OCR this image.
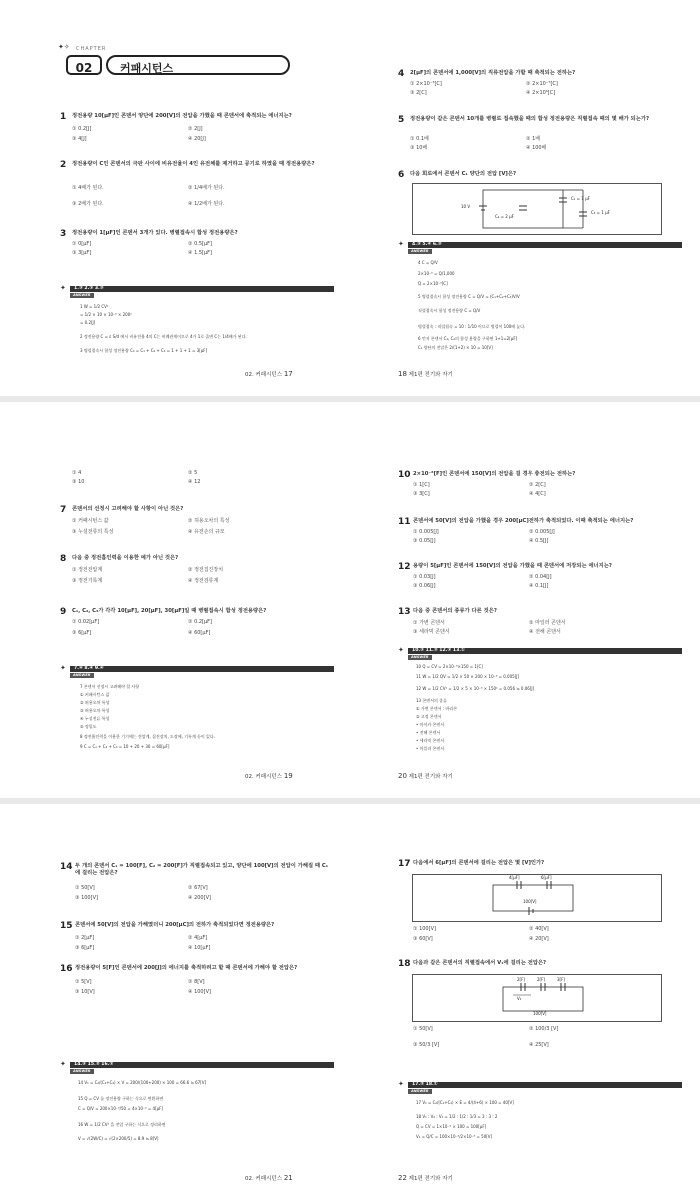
✦✧ CHAPTER
02	커패시턴스
1 정전용량 10[μF]인 콘덴서 양단에 200[V]의 전압을 가했을 때 콘덴서에 축적되는 에너지는?
① 0.2[J]	② 2[J]
③ 4[J]	④ 20[J]
2 정전용량이 C인 콘덴서의 극판 사이에 비유전율이 4인 유전체를 제거하고 공기로 하였을 때 정전용량은?
① 4배가 된다.	② 1/4배가 된다.
③ 2배가 된다.	④ 1/2배가 된다.
3 정전용량이 1[μF]인 콘덴서 3개가 있다. 병렬접속시 합성 정전용량은?
① 0[μF]	② 0.5[μF]
③ 3[μF]	④ 1.5[μF]
✦	1.③ 2.③ 3.③
ANSWER
1 W = 1/2 CV²
= 1/2 × 10 × 10⁻⁶ × 200²
= 0.2[J]
2 정전용량 C = ε S/d 에서 비유전율 4의 C는 비례관계이므로 4가 1로 줄면 C는 1/4배가 된다.
3 병렬접속시 합성 정전용량 C₀ = C₁ + C₂ + C₃ = 1 + 1 + 1 = 3[μF]
02. 커패시턴스 17
4 2[μF]의 콘덴서에 1,000[V]의 직류전압을 가할 때 축적되는 전하는?
① 2×10⁻³[C]	② 2×10⁻⁵[C]
③ 2[C]	④ 2×10⁶[C]
5 정전용량이 같은 콘덴서 10개를 병렬로 접속했을 때의 합성 정전용량은 직렬접속 때의 몇 배가 되는가?
① 0.1배	② 1배
③ 10배	④ 100배
6 다음 회로에서 콘덴서 C₁ 양단의 전압 [V]은?
10 V
C₂ = 2 μF
C₁ = 1 μF
C₃ = 1 μF
✦	4.③ 5.④ 6.③
ANSWER
4 C = Q/V
2×10⁻⁶ = Q/1,000
Q = 2×10⁻³[C]
5 병렬접속시 합성 정전용량 C = Q/V = (C₁+C₂+C₃)V/V
직렬접속시 합성 정전용량 C = Q/V
병렬접속 : 직렬접속 = 10 : 1/10 이므로 병렬이 100배 높다.
6 먼저 콘덴서 C₁, C₂의 합성 용량을 구하면 1+1=2[μF]
C₁ 양단의 전압은 2/(1+2) × 10 = 10[V]
18 제1편 전기와 자기
① 4	② 5
③ 10	④ 12
7 콘덴서의 선정시 고려해야 할 사항이 아닌 것은?
① 커패시턴스 값	② 허용오차의 특성
③ 누설전류의 특성	④ 유전손의 규모
8 다음 중 정전흡인력을 이용한 예가 아닌 것은?
① 정전전압계	② 정전집진장치
③ 정전기록계	④ 정전검류계
9 C₁, C₂, C₃가 각각 10[μF], 20[μF], 30[μF]일 때 병렬접속시 합성 정전용량은?
① 0.02[μF]	② 0.2[μF]
③ 6[μF]	④ 60[μF]
✦	7.④ 8.④ 9.④
ANSWER
7 콘덴서 선정시 고려해야 할 사항
① 커패시턴스 값
② 허용오차 특성
③ 허용오차 특성
④ 누설전류 특성
⑤ 정밀도
8 정전흡인력을 이용한 기기에는 전압계, 집진장치, 도장에, 기록계 등이 있다.
9 C = C₁ + C₂ + C₃ = 10 + 20 + 30 = 60[μF]
02. 커패시턴스 19
10 2×10⁻⁶[F]인 콘덴서에 150[V]의 전압을 걸 경우 충전되는 전하는?
① 1[C]	② 2[C]
③ 3[C]	④ 4[C]
11 콘덴서에 50[V]의 전압을 가했을 경우 200[μC]전하가 축적되었다. 이때 축적되는 에너지는?
① 0.005[J]	② 0.005[J]
③ 0.05[J]	④ 0.5[J]
12 용량이 5[μF]인 콘덴서에 150[V]의 전압을 가했을 때 콘덴서에 저장되는 에너지는?
① 0.03[J]	② 0.04[J]
③ 0.06[J]	④ 0.1[J]
13 다음 중 콘덴서의 종류가 다른 것은?
① 가변 콘덴서	② 마일러 콘덴서
③ 세라믹 콘덴서	④ 전해 콘덴서
✦	10.③ 11.② 12.③ 13.①
ANSWER
10 Q = CV = 2×10⁻⁶×150 = 1[C]
11 W = 1/2 QV = 1/2 × 50 × 200 × 10⁻⁶ = 0.005[J]
12 W = 1/2 CV² = 1/2 × 5 × 10⁻⁶ × 150² = 0.056 ≒ 0.06[J]
13 콘덴서의 종류
① 가변 콘덴서 : 바리콘
② 고정 콘덴서
• 마이카 콘덴서
• 전해 콘덴서
• 세라믹 콘덴서
• 마일러 콘덴서
20 제1편 전기와 자기
14 두 개의 콘덴서 C₁ = 100[F], C₂ = 200[F]가 직렬접속되고 있고, 양단에 100[V]의 전압이 가해질 때 C₁에 걸리는 전압은?
① 50[V]	② 67[V]
③ 100[V]	④ 200[V]
15 콘덴서에 50[V]의 전압을 가해였더니 200[μC]의 전하가 축적되었다면 정전용량은?
① 2[μF]	② 4[μF]
③ 6[μF]	④ 10[μF]
16 정전용량이 5[F]인 콘덴서에 200[J]의 에너지를 축적하려고 할 때 콘덴서에 가해야 할 전압은?
① 5[V]	② 8[V]
③ 10[V]	④ 100[V]
✦	14.③ 15.② 16.②
ANSWER
14 V₁ = C₂/(C₁+C₂) × V = 200/(100+200) × 100 = 66.6 ≒ 67[V]
15 Q = CV 를 정전용량 구하는 식으로 변환하면
C = Q/V = 200×10⁻⁶/50 = 4×10⁻⁶ = 4[μF]
16 W = 1/2 CV² 을 전압 구하는 식으로 정리하면
V = √(2W/C) = √(2×200/5) = 8.9 ≒ 8[V]
02. 커패시턴스 21
17 다음에서 6[μF]의 콘덴서에 걸리는 전압은 몇 [V]인가?
4[μF]	6[μF]
100[V]
① 100[V]	② 40[V]
③ 60[V]	④ 20[V]
18 다음과 같은 콘덴서의 직렬접속에서 V₁에 걸리는 전압은?
2[F]	2[F]	3[F]
V₁
100[V]
① 50[V]	② 100/3 [V]
③ 50/3 [V]	④ 25[V]
✦	17.② 18.①
ANSWER
17 V₁ = C₂/(C₁+C₂) × E = 4/(4+6) × 100 = 40[V]
18 V₁ : V₂ : V₃ = 1/2 : 1/2 : 1/3 = 3 : 3 : 2
Q = CV = 1×10⁻⁶ × 100 = 100[μF]
V₁ = Q/C = 100×10⁻⁶/2×10⁻⁶ = 50[V]
22 제1편 전기와 자기
